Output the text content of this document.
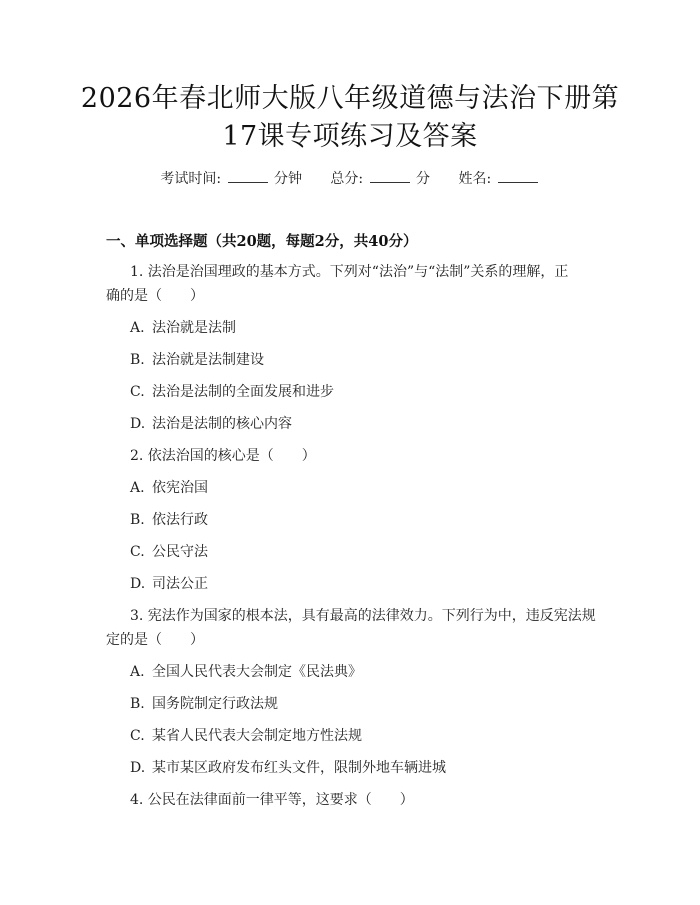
2026年春北师大版八年级道德与法治下册第
17课专项练习及答案
考试时间:	分钟 总分:	分 姓名:
一、单项选择题（共20题，每题2分，共40分）
1. 法治是治国理政的基本方式。下列对“法治”与“法制”关系的理解，正
确的是（　　）
A. 法治就是法制
B. 法治就是法制建设
C. 法治是法制的全面发展和进步
D. 法治是法制的核心内容
2. 依法治国的核心是（　　）
A. 依宪治国
B. 依法行政
C. 公民守法
D. 司法公正
3. 宪法作为国家的根本法，具有最高的法律效力。下列行为中，违反宪法规
定的是（　　）
A. 全国人民代表大会制定《民法典》
B. 国务院制定行政法规
C. 某省人民代表大会制定地方性法规
D. 某市某区政府发布红头文件，限制外地车辆进城
4. 公民在法律面前一律平等，这要求（　　）
